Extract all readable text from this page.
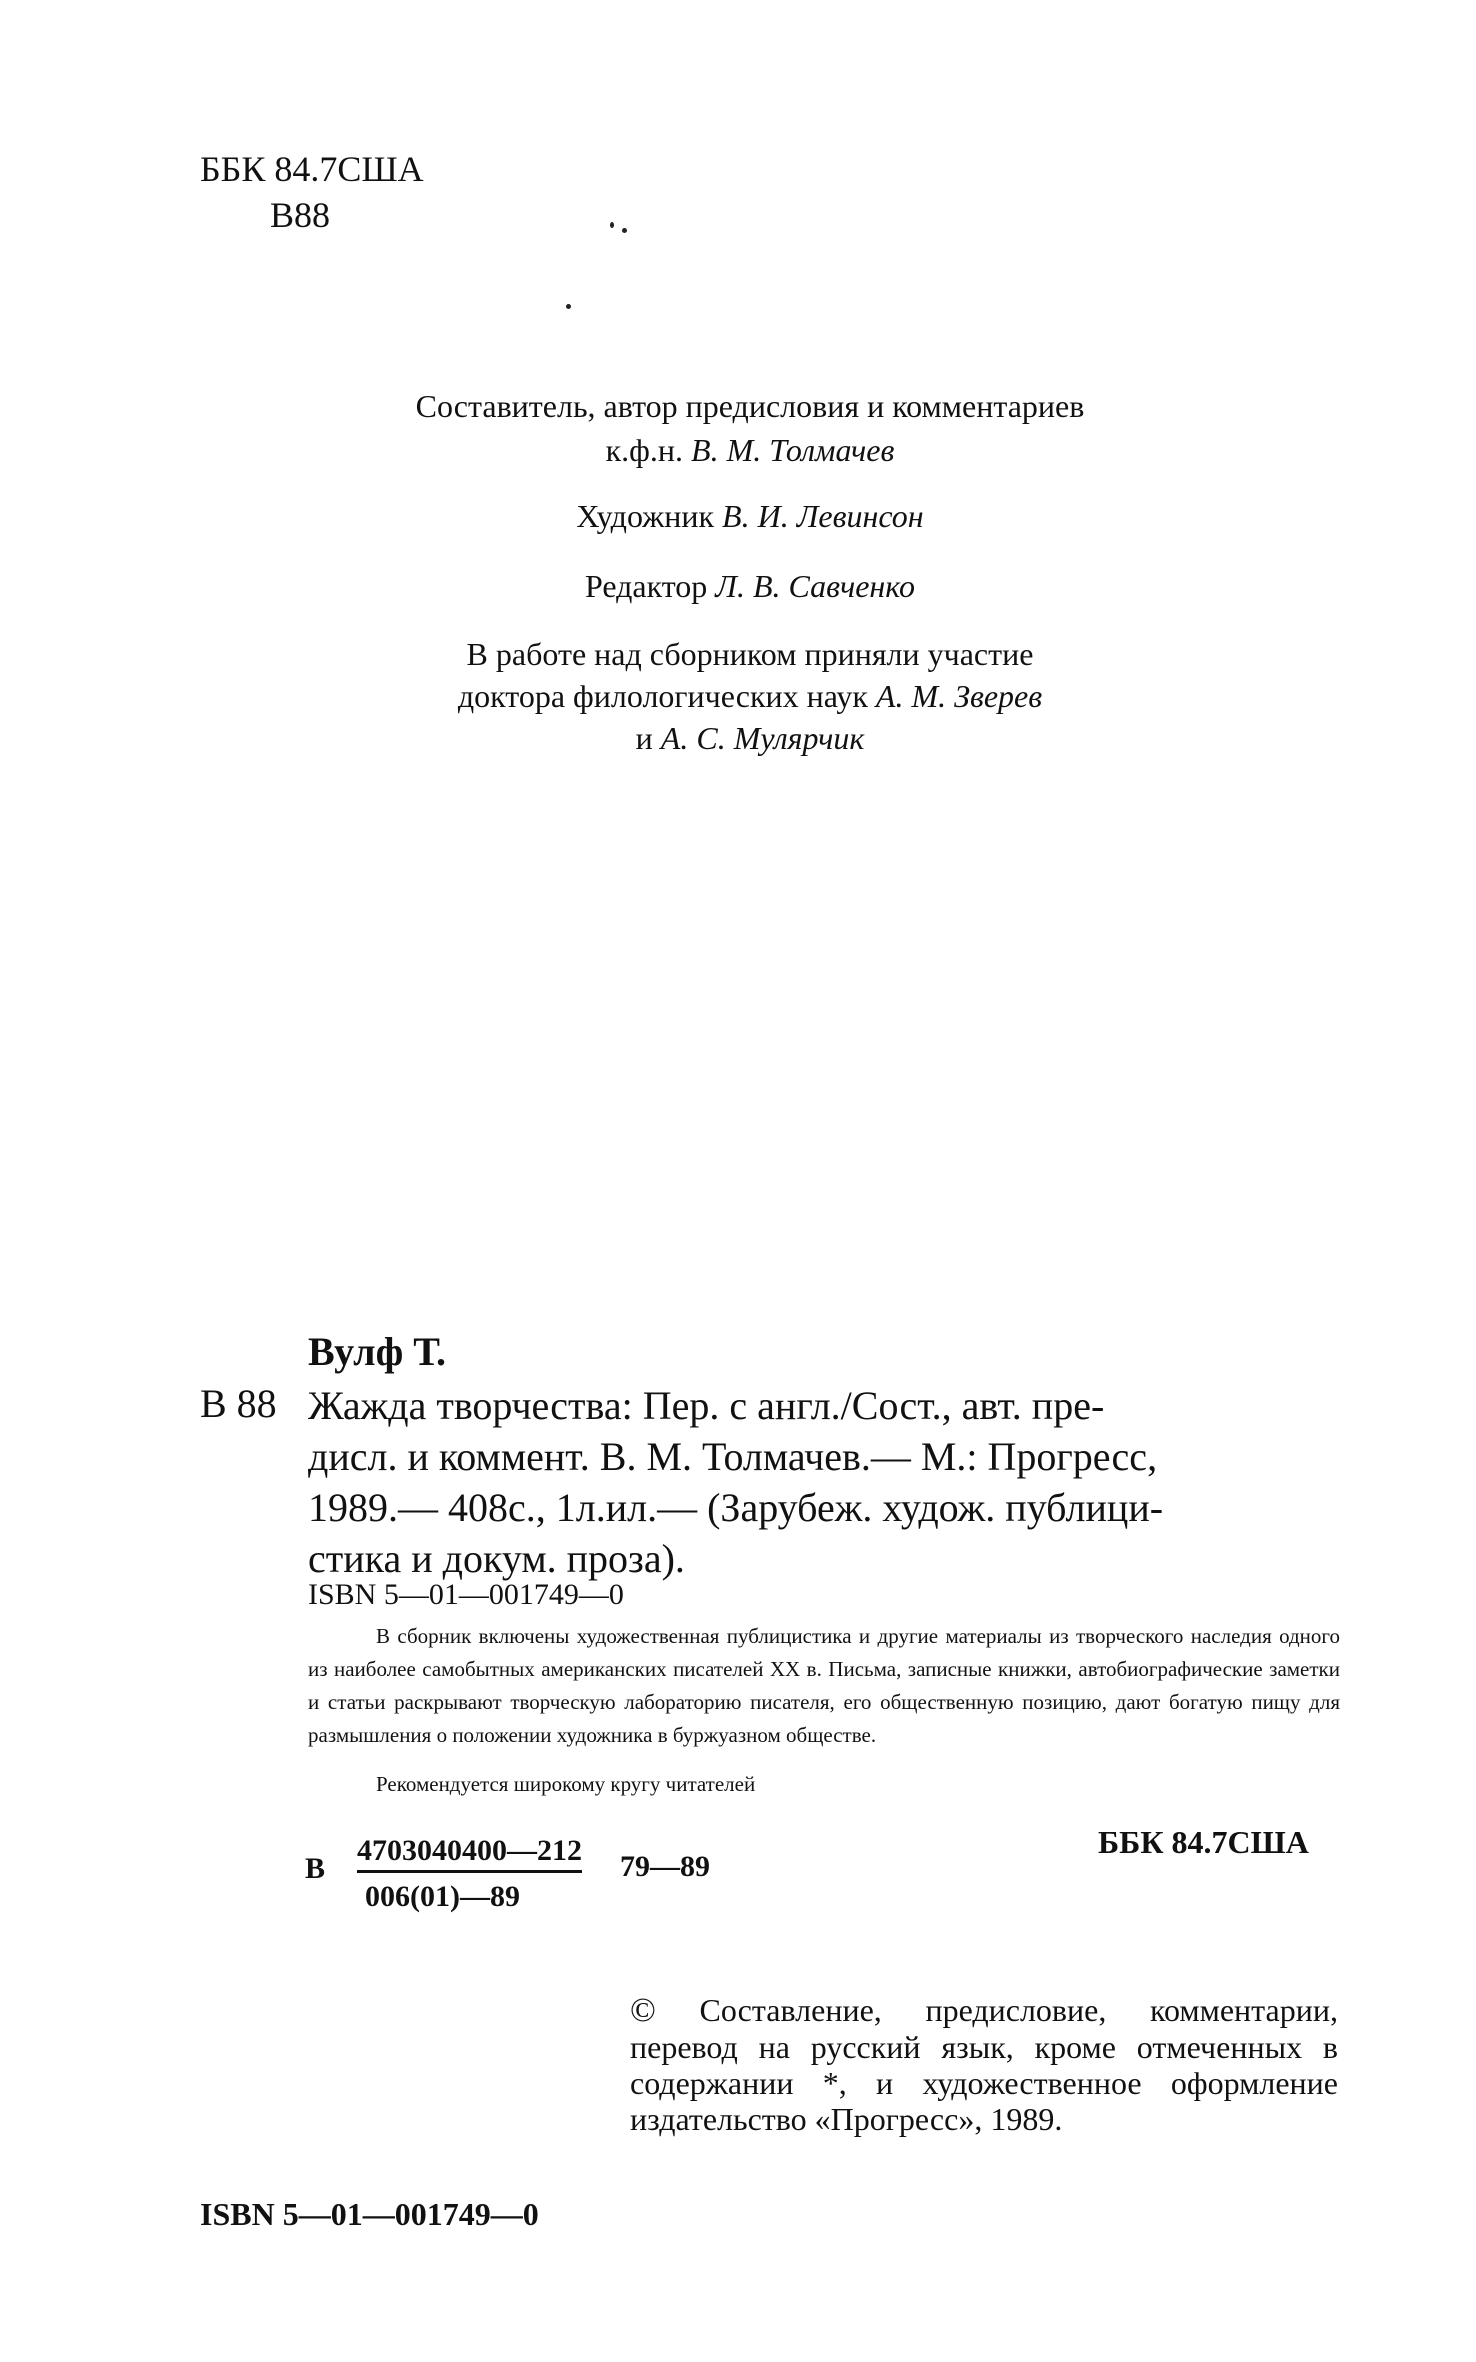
ББК 84.7США
В88
Составитель, автор предисловия и комментариев
к.ф.н. В. М. Толмачев
Художник В. И. Левинсон
Редактор Л. В. Савченко
В работе над сборником приняли участие
доктора филологических наук А. М. Зверев
и А. С. Мулярчик
Вулф Т.
В 88 Жажда творчества: Пер. с англ./Сост., авт. пре-
дисл. и коммент. В. М. Толмачев.— М.: Прогресс,
1989.— 408с., 1л.ил.— (Зарубеж. худож. публици-
стика и докум. проза).
ISBN 5—01—001749—0
В сборник включены художественная публицистика и другие материалы из творческого наследия одного из наиболее самобытных американских писателей XX в. Письма, записные книжки, автобиографические заметки и статьи раскрывают творческую лабораторию писателя, его общественную позицию, дают богатую пищу для размышления о положении художника в буржуазном обществе.
Рекомендуется широкому кругу читателей
В
4703040400—212
006(01)—89
79—89
ББК 84.7США
© Составление, предисловие, комментарии, перевод на русский язык, кроме отмеченных в содержании *, и художественное оформление издательство «Прогресс», 1989.
ISBN 5—01—001749—0
